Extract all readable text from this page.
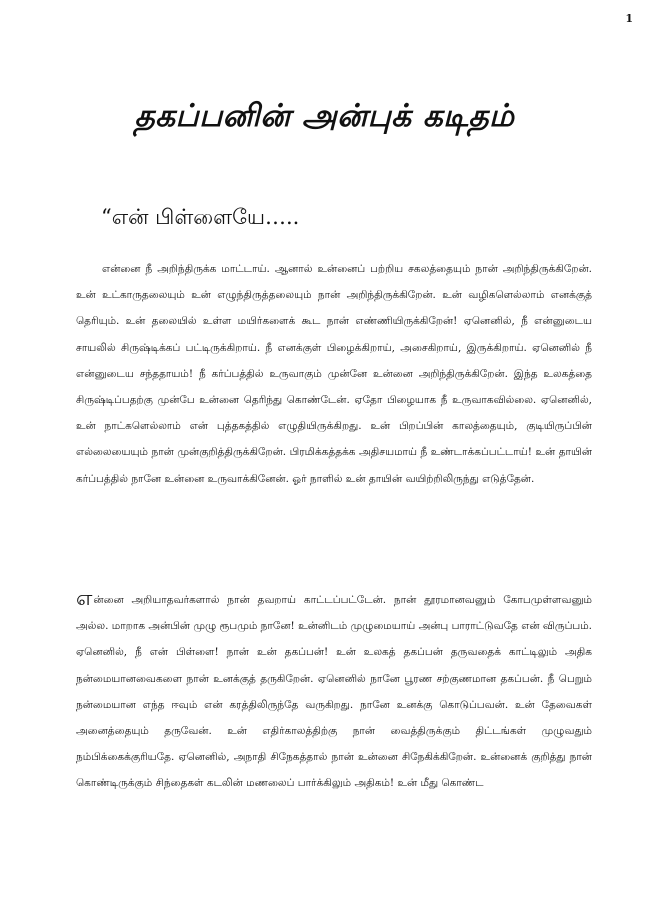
1
தகப்பனின் அன்புக் கடிதம்
“என் பிள்ளையே…..

என்னை நீ அறிந்திருக்க மாட்டாய். ஆனால் உன்னைப் பற்றிய சகலத்தையும் நான் அறிந்திருக்கிறேன். உன் உட்காருதலையும் உன் எழுந்திருத்தலையும் நான் அறிந்திருக்கிறேன். உன் வழிகளெல்லாம் எனக்குத் தெரியும். உன் தலையில் உள்ள மயிர்களைக் கூட நான் எண்ணியிருக்கிறேன்! ஏனெனில், நீ என்னுடைய சாயலில் சிருஷ்டிக்கப் பட்டிருக்கிறாய். நீ எனக்குள் பிழைக்கிறாய், அசைகிறாய், இருக்கிறாய். ஏனெனில் நீ என்னுடைய சந்ததாயம்! நீ கர்ப்பத்தில் உருவாகும் முன்னே உன்னை அறிந்திருக்கிறேன். இந்த உலகத்தை சிருஷ்டிப்பதற்கு முன்பே உன்னை தெரிந்து கொண்டேன். ஏதோ பிழையாக நீ உருவாகவில்லை. ஏனெனில், உன் நாட்களெல்லாம் என் புத்தகத்தில் எழுதியிருக்கிறது. உன் பிறப்பின் காலத்தையும், குடியிருப்பின் எல்லையையும் நான் முன்குறித்திருக்கிறேன். பிரமிக்கத்தக்க அதிசயமாய் நீ உண்டாக்கப்பட்டாய்! உன் தாயின் கர்ப்பத்தில் நானே உன்னை உருவாக்கினேன். ஓர் நாளில் உன் தாயின் வயிற்றிலிருந்து எடுத்தேன்.

என்னை அறியாதவர்களால் நான் தவறாய் காட்டப்பட்டேன். நான் தூரமானவனும் கோபமுள்ளவனும் அல்ல. மாறாக அன்பின் முழு ரூபமும் நானே! உன்னிடம் முழுமையாய் அன்பு பாராட்டுவதே என் விருப்பம். ஏனெனில், நீ என் பிள்ளை! நான் உன் தகப்பன்! உன் உலகத் தகப்பன் தருவதைக் காட்டிலும் அதிக நன்மையானவைகளை நான் உனக்குத் தருகிறேன். ஏனெனில் நானே பூரண சற்குணமான தகப்பன். நீ பெறும் நன்மையான எந்த ஈவும் என் கரத்திலிருந்தே வருகிறது. நானே உனக்கு கொடுப்பவன். உன் தேவைகள் அனைத்தையும் தருவேன். உன் எதிர்காலத்திற்கு நான் வைத்திருக்கும் திட்டங்கள் முழுவதும் நம்பிக்கைக்குரியதே. ஏனெனில், அநாதி சிநேகத்தால் நான் உன்னை சிநேகிக்கிறேன். உன்னைக் குறித்து நான் கொண்டிருக்கும் சிந்தைகள் கடலின் மணலைப் பார்க்கிலும் அதிகம்! உன் மீது கொண்ட
